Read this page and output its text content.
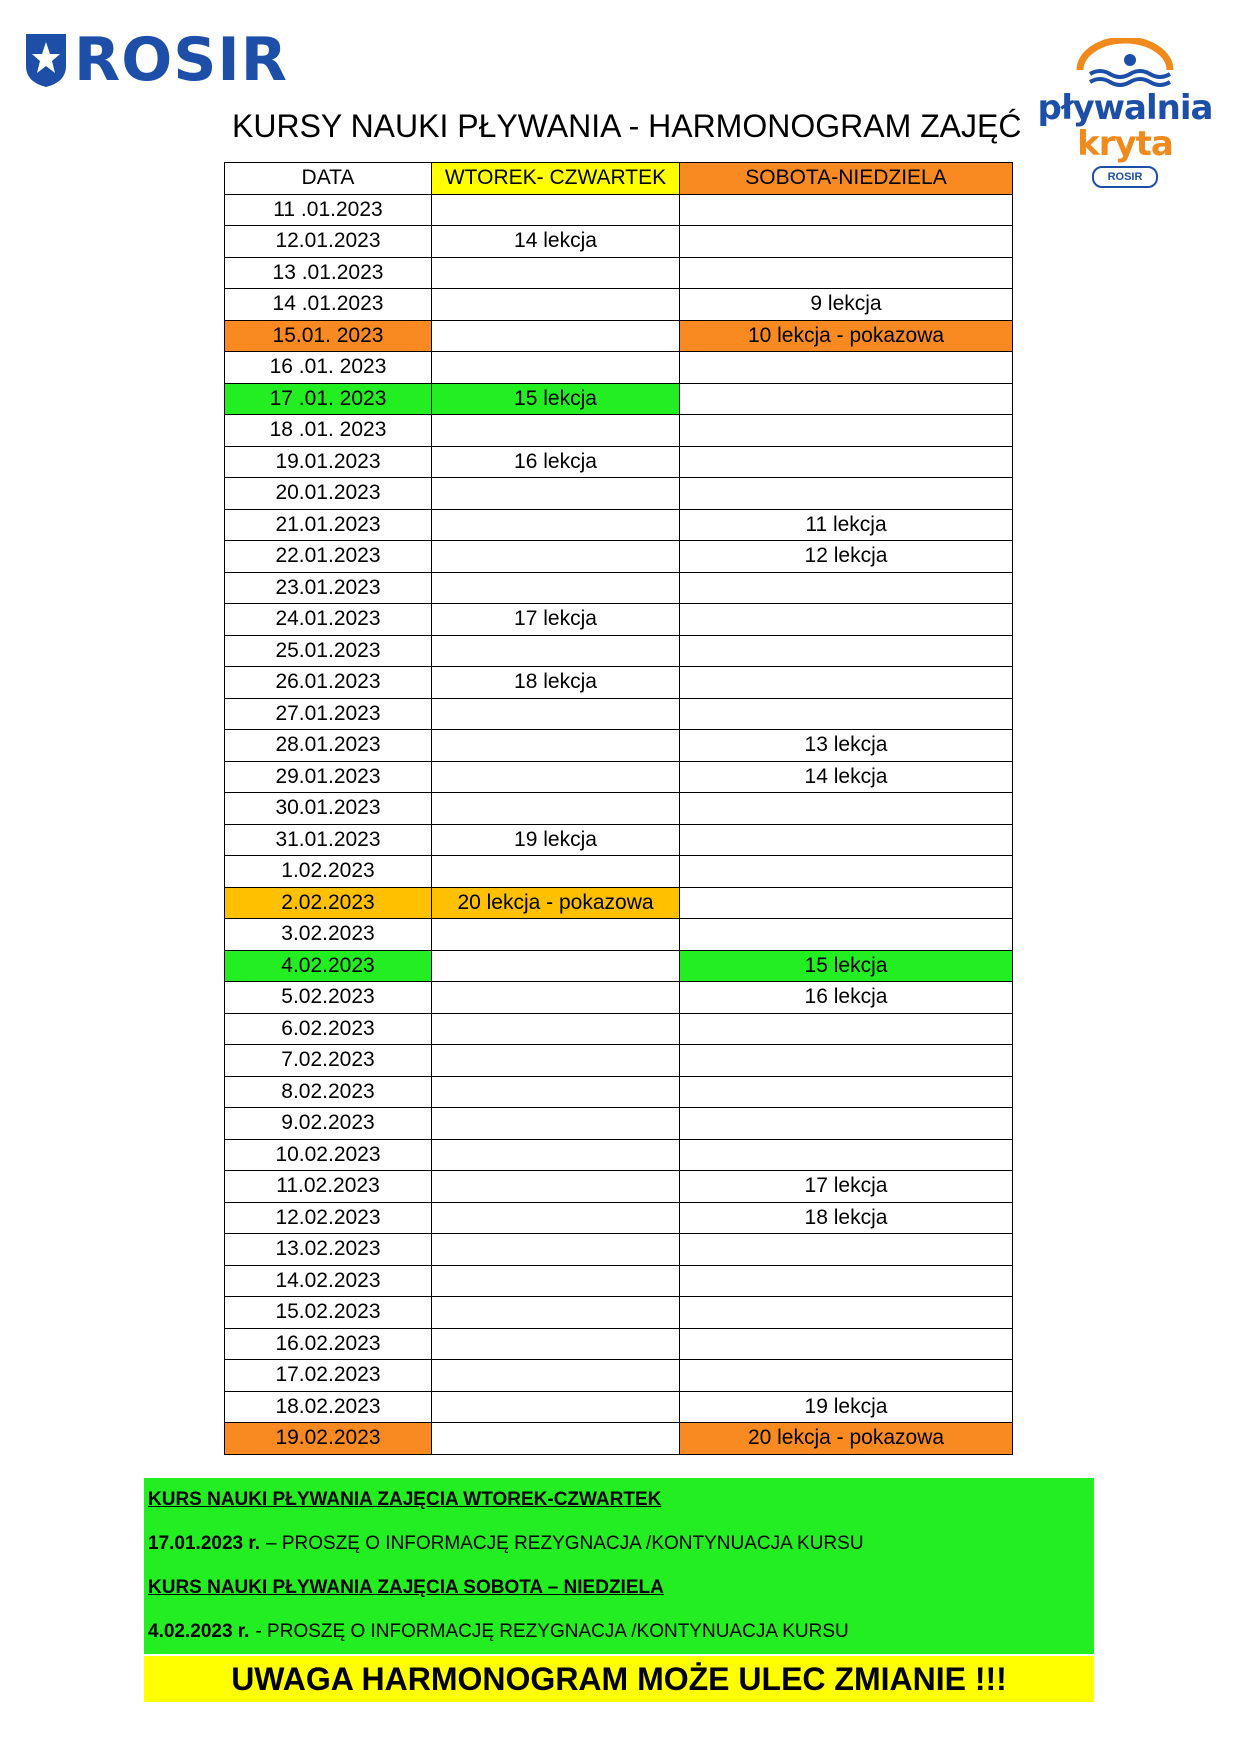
ROSIR
pływalnia
kryta
ROSIR
KURSY NAUKI PŁYWANIA - HARMONOGRAM ZAJĘĆ
DATA	WTOREK- CZWARTEK	SOBOTA-NIEDZIELA
11 .01.2023		
12.01.2023	14 lekcja	
13 .01.2023		
14 .01.2023		9 lekcja
15.01. 2023		10 lekcja - pokazowa
16 .01. 2023		
17 .01. 2023	15 lekcja	
18 .01. 2023		
19.01.2023	16 lekcja	
20.01.2023		
21.01.2023		11 lekcja
22.01.2023		12 lekcja
23.01.2023		
24.01.2023	17 lekcja	
25.01.2023		
26.01.2023	18 lekcja	
27.01.2023		
28.01.2023		13 lekcja
29.01.2023		14 lekcja
30.01.2023		
31.01.2023	19 lekcja	
1.02.2023		
2.02.2023	20 lekcja - pokazowa	
3.02.2023		
4.02.2023		15 lekcja
5.02.2023		16 lekcja
6.02.2023		
7.02.2023		
8.02.2023		
9.02.2023		
10.02.2023		
11.02.2023		17 lekcja
12.02.2023		18 lekcja
13.02.2023		
14.02.2023		
15.02.2023		
16.02.2023		
17.02.2023		
18.02.2023		19 lekcja
19.02.2023		20 lekcja - pokazowa
KURS NAUKI PŁYWANIA ZAJĘCIA WTOREK-CZWARTEK
17.01.2023 r. – PROSZĘ O INFORMACJĘ REZYGNACJA /KONTYNUACJA KURSU
KURS NAUKI PŁYWANIA ZAJĘCIA SOBOTA – NIEDZIELA
4.02.2023 r. - PROSZĘ O INFORMACJĘ REZYGNACJA /KONTYNUACJA KURSU
UWAGA HARMONOGRAM MOŻE ULEC ZMIANIE !!!
